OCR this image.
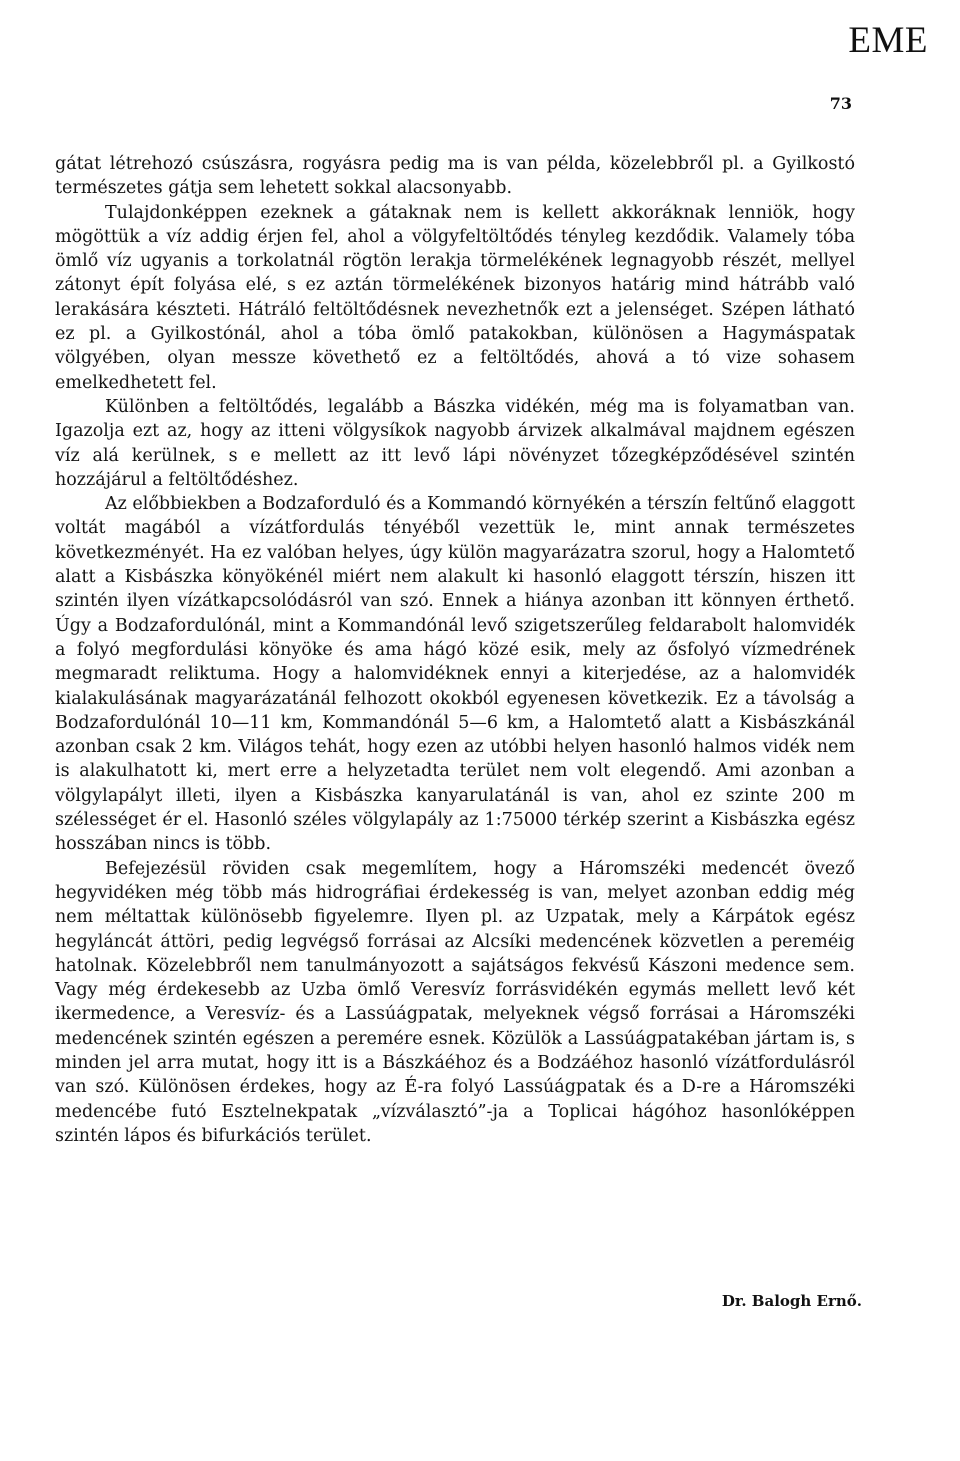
EME
73

gátat létrehozó csúszásra, rogyásra pedig ma is van példa, közelebbről pl. a Gyilkostó természetes gátja sem lehetett sokkal alacsonyabb.

Tulajdonképpen ezeknek a gátaknak nem is kellett akkoráknak lenniök, hogy mögöttük a víz addig érjen fel, ahol a völgyfeltöltődés tényleg kezdődik. Valamely tóba ömlő víz ugyanis a torkolatnál rögtön lerakja törmelékének legnagyobb részét, mellyel zátonyt épít folyása elé, s ez aztán törmelékének bizonyos határig mind hátrább való lerakására készteti. Hátráló feltöltődésnek nevezhetnők ezt a jelenséget. Szépen látható ez pl. a Gyilkostónál, ahol a tóba ömlő patakokban, különösen a Hagymáspatak völgyében, olyan messze követhető ez a feltöltődés, ahová a tó vize sohasem emelkedhetett fel.

Különben a feltöltődés, legalább a Bászka vidékén, még ma is folyamatban van. Igazolja ezt az, hogy az itteni völgysíkok nagyobb árvizek alkalmával majdnem egészen víz alá kerülnek, s e mellett az itt levő lápi növényzet tőzegképződésével szintén hozzájárul a feltöltődéshez.

Az előbbiekben a Bodzaforduló és a Kommandó környékén a térszín feltűnő elaggott voltát magából a vízátfordulás tényéből vezettük le, mint annak természetes következményét. Ha ez valóban helyes, úgy külön magyarázatra szorul, hogy a Halomtető alatt a Kisbászka könyökénél miért nem alakult ki hasonló elaggott térszín, hiszen itt szintén ilyen vízátkapcsolódásról van szó. Ennek a hiánya azonban itt könnyen érthető. Úgy a Bodzafordulónál, mint a Kommandónál levő szigetszerűleg feldarabolt halomvidék a folyó megfordulási könyöke és ama hágó közé esik, mely az ősfolyó vízmedrének megmaradt reliktuma. Hogy a halomvidéknek ennyi a kiterjedése, az a halomvidék kialakulásának magyarázatánál felhozott okokból egyenesen következik. Ez a távolság a Bodzafordulónál 10—11 km, Kommandónál 5—6 km, a Halomtető alatt a Kisbászkánál azonban csak 2 km. Világos tehát, hogy ezen az utóbbi helyen hasonló halmos vidék nem is alakulhatott ki, mert erre a helyzetadta terület nem volt elegendő. Ami azonban a völgylapályt illeti, ilyen a Kisbászka kanyarulatánál is van, ahol ez szinte 200 m szélességet ér el. Hasonló széles völgylapály az 1:75000 térkép szerint a Kisbászka egész hosszában nincs is több.

Befejezésül röviden csak megemlítem, hogy a Háromszéki medencét övező hegyvidéken még több más hidrográfiai érdekesség is van, melyet azonban eddig még nem méltattak különösebb figyelemre. Ilyen pl. az Uzpatak, mely a Kárpátok egész hegyláncát áttöri, pedig legvégső forrásai az Alcsíki medencének közvetlen a pereméig hatolnak. Közelebbről nem tanulmányozott a sajátságos fekvésű Kászoni medence sem. Vagy még érdekesebb az Uzba ömlő Veresvíz forrásvidékén egymás mellett levő két ikermedence, a Veresvíz- és a Lassúágpatak, melyeknek végső forrásai a Háromszéki medencének szintén egészen a peremére esnek. Közülök a Lassúágpatakéban jártam is, s minden jel arra mutat, hogy itt is a Bászkáéhoz és a Bodzáéhoz hasonló vízátfordulásról van szó. Különösen érdekes, hogy az É-ra folyó Lassúágpatak és a D-re a Háromszéki medencébe futó Esztelnekpatak „vízválasztó”-ja a Toplicai hágóhoz hasonlóképpen szintén lápos és bifurkációs terület.

Dr. Balogh Ernő.
